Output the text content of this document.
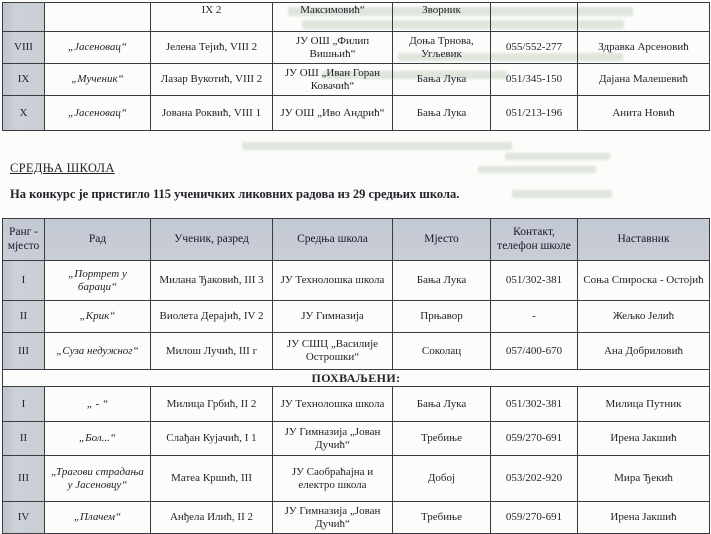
		IX 2	Максимовић“	Зворник		
VIII	„Јасеновац“	Јелена Тејић, VIII 2	ЈУ ОШ „Филип Вишњић“	Доња Трнова, Угљевик	055/552-277	Здравка Арсеновић
IX	„Мученик“	Лазар Вукотић, VIII 2	ЈУ ОШ „Иван Горан Ковачић“	Бања Лука	051/345-150	Дајана Малешевић
X	„Јасеновац“	Јована Роквић, VIII 1	ЈУ ОШ „Иво Андрић“	Бања Лука	051/213-196	Анита Новић
СРЕДЊА ШКОЛА
На конкурс је пристигло 115 ученичких ликовних радова из 29 средњих школа.
Ранг - мјесто	Рад	Ученик, разред	Средња школа	Мјесто	Контакт, телефон школе	Наставник
I	„Портрет у бараци“	Милана Ђаковић, III 3	ЈУ Технолошка школа	Бања Лука	051/302-381	Соња Спироска - Остојић
II	„Крик“	Виолета Дерајић, IV 2	ЈУ Гимназија	Прњавор	-	Жељко Јелић
III	„Суза недужног“	Милош Лучић, III г	ЈУ СШЦ „Василије Острошки“	Соколац	057/400-670	Ана Добриловић
ПОХВАЉЕНИ:						
I	„ - “	Милица Грбић, II 2	ЈУ Технолошка школа	Бања Лука	051/302-381	Милица Путник
II	„Бол...“	Слађан Кујачић, I 1	ЈУ Гимназија „Јован Дучић“	Требиње	059/270-691	Ирена Јакшић
III	„Трагови страдања у Јасеновцу“	Матеа Кршић, III	ЈУ Саобраћајна и електро школа	Добој	053/202-920	Мира Ђекић
IV	„Плачем“	Анђела Илић, II 2	ЈУ Гимназија „Јован Дучић“	Требиње	059/270-691	Ирена Јакшић
